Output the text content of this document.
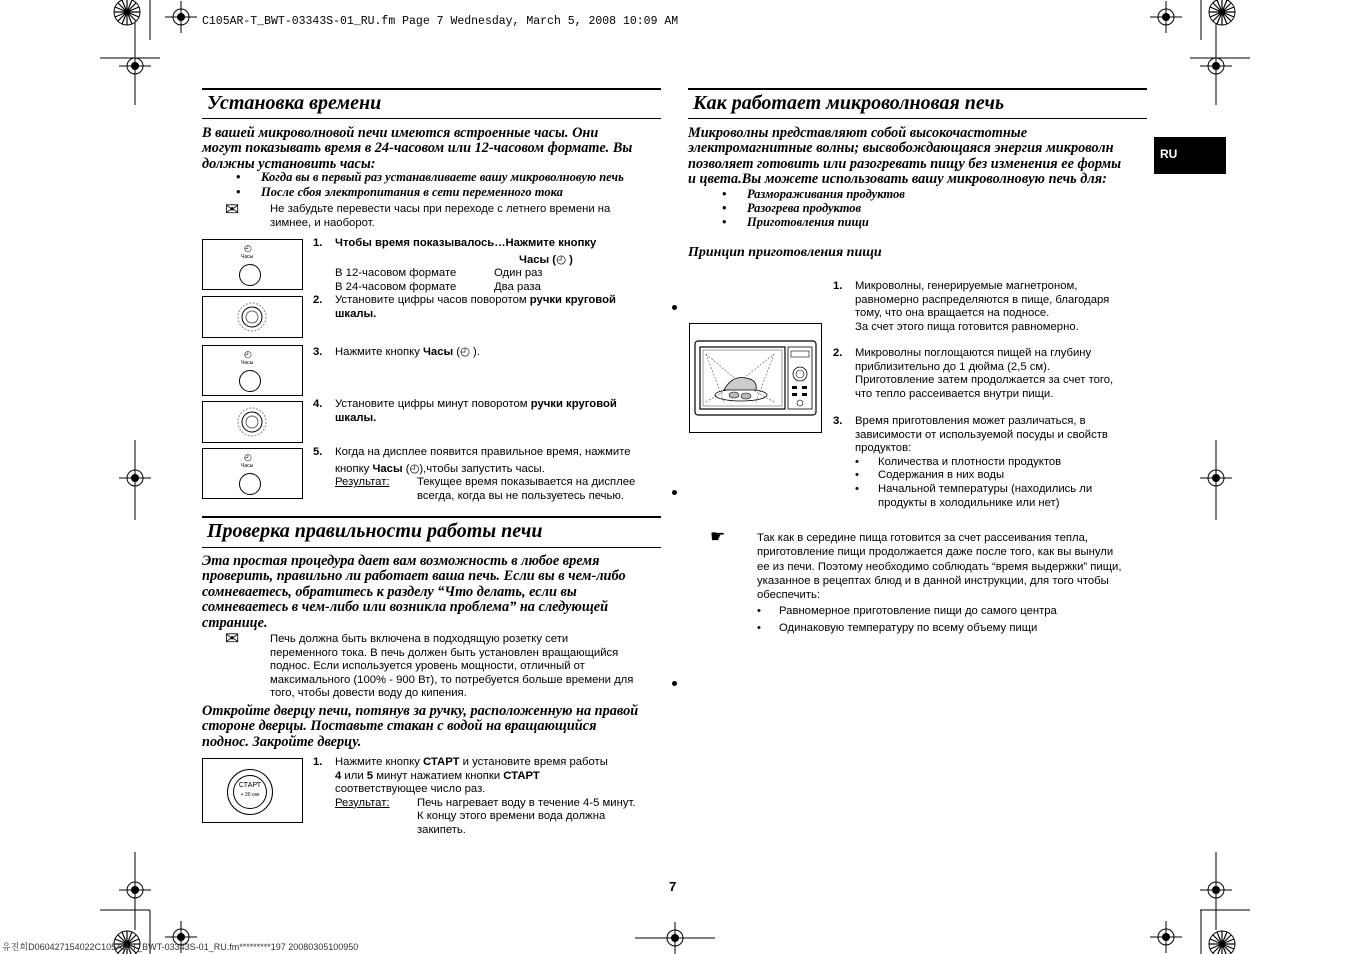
C105AR-T_BWT-03343S-01_RU.fm Page 7 Wednesday, March 5, 2008 10:09 AM
유진희D060427154022C105AR-T_BWT-03343S-01_RU.fm*********197 20080305100950
RU
7
Установка времени
В вашей микроволновой печи имеются встроенные часы. Они
могут показывать время в 24-часовом или 12-часовом формате. Вы
должны установить часы:
• Когда вы в первый раз устанавливаете вашу микроволновую печь
• После сбоя электропитания в сети переменного тока
✉	Не забудьте перевести часы при переходе с летнего времени на
зимнее, и наоборот.
◴
Часы
◴
Часы
◴
Часы
1. Чтобы время показывалось…Нажмите кнопку
Часы (◴ )
В 12-часовом формате	Один раз
В 24-часовом формате	Два раза
2. Установите цифры часов поворотом ручки круговой
шкалы.
3. Нажмите кнопку Часы (◴ ).
4. Установите цифры минут поворотом ручки круговой
шкалы.
5. Когда на дисплее появится правильное время, нажмите
кнопку Часы (◴),чтобы запустить часы.
Результат: Текущее время показывается на дисплее
всегда, когда вы не пользуетесь печью.
Проверка правильности работы печи
Эта простая процедура дает вам возможность в любое время
проверить, правильно ли работает ваша печь. Если вы в чем-либо
сомневаетесь, обратитесь к разделу “Что делать, если вы
сомневаетесь в чем-либо или возникла проблема” на следующей
странице.
✉	Печь должна быть включена в подходящую розетку сети
переменного тока. В печь должен быть установлен вращающийся
поднос. Если используется уровень мощности, отличный от
максимального (100% - 900 Вт), то потребуется больше времени для
того, чтобы довести воду до кипения.
Откройте дверцу печи, потянув за ручку, расположенную на правой
стороне дверцы. Поставьте стакан с водой на вращающийся
поднос. Закройте дверцу.
СТАРТ
+ 30 сек
1. Нажмите кнопку СТАРТ и установите время работы
4 или 5 минут нажатием кнопки СТАРТ
соответствующее число раз.
Результат: Печь нагревает воду в течение 4-5 минут.
К концу этого времени вода должна
закипеть.
Как работает микроволновая печь
Микроволны представляют собой высокочастотные
электромагнитные волны; высвобождающаяся энергия микроволн
позволяет готовить или разогревать пищу без изменения ее формы
и цвета.Вы можете использовать вашу микроволновую печь для:
• Размораживания продуктов
• Разогрева продуктов
• Приготовления пищи
Принцип приготовления пищи
1. Микроволны, генерируемые магнетроном,
равномерно распределяются в пище, благодаря
тому, что она вращается на подносе.
За счет этого пища готовится равномерно.
2. Микроволны поглощаются пищей на глубину
приблизительно до 1 дюйма (2,5 см).
Приготовление затем продолжается за счет того,
что тепло рассеивается внутри пищи.
3. Время приготовления может различаться, в
зависимости от используемой посуды и свойств
продуктов:
• Количества и плотности продуктов
• Содержания в них воды
• Начальной температуры (находились ли
продукты в холодильнике или нет)
☛	Так как в середине пища готовится за счет рассеивания тепла,
приготовление пищи продолжается даже после того, как вы вынули
ее из печи. Поэтому необходимо соблюдать “время выдержки” пищи,
указанное в рецептах блюд и в данной инструкции, для того чтобы
обеспечить:
• Равномерное приготовление пищи до самого центра
• Одинаковую температуру по всему объему пищи
